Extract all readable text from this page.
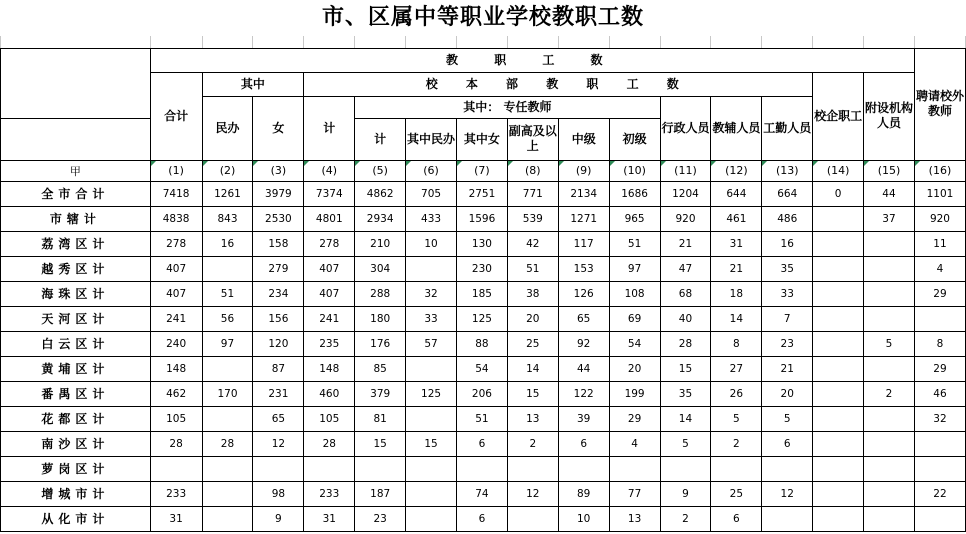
市、区属中等职业学校教职工数

	教 职 工 数															聘请校外教师
	合计	其中		校 本 部 教 职 工 数										校企职工	附设机构人员	
		民办	女	计	其中： 专任教师						行政人员	教辅人员	工勤人员			
					计	其中民办	其中女	副高及以上	中级	初级						
甲	(1)	(2)	(3)	(4)	(5)	(6)	(7)	(8)	(9)	(10)	(11)	(12)	(13)	(14)	(15)	(16)
全市合计	7418	1261	3979	7374	4862	705	2751	771	2134	1686	1204	644	664	0	44	1101
市辖计	4838	843	2530	4801	2934	433	1596	539	1271	965	920	461	486		37	920
荔湾区计	278	16	158	278	210	10	130	42	117	51	21	31	16			11
越秀区计	407		279	407	304		230	51	153	97	47	21	35			4
海珠区计	407	51	234	407	288	32	185	38	126	108	68	18	33			29
天河区计	241	56	156	241	180	33	125	20	65	69	40	14	7			
白云区计	240	97	120	235	176	57	88	25	92	54	28	8	23		5	8
黄埔区计	148		87	148	85		54	14	44	20	15	27	21			29
番禺区计	462	170	231	460	379	125	206	15	122	199	35	26	20		2	46
花都区计	105		65	105	81		51	13	39	29	14	5	5			32
南沙区计	28	28	12	28	15	15	6	2	6	4	5	2	6			
萝岗区计																
增城市计	233		98	233	187		74	12	89	77	9	25	12			22
从化市计	31		9	31	23		6		10	13	2	6				
